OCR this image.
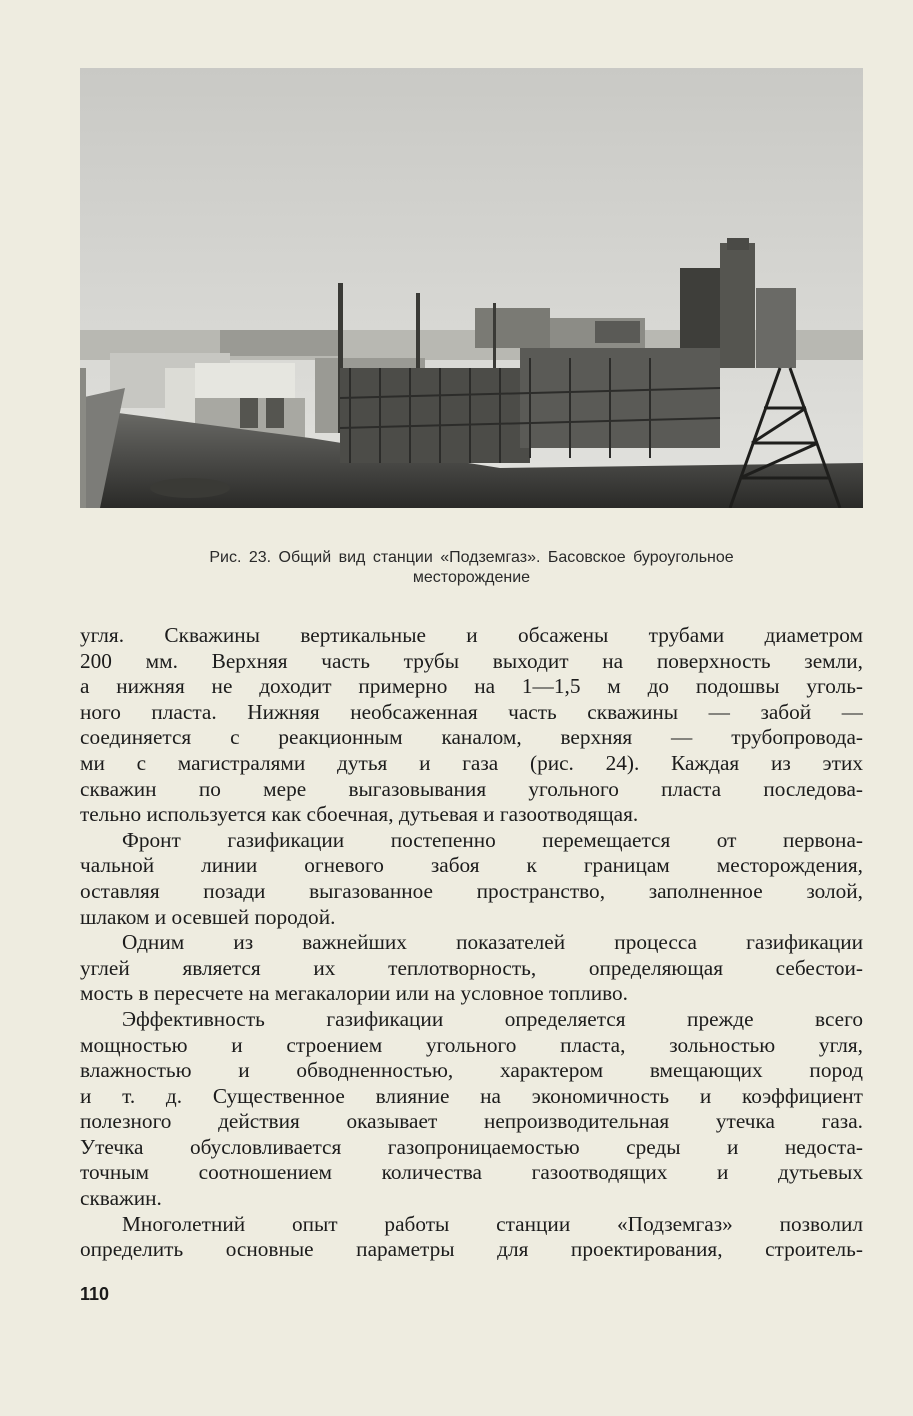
Рис. 23. Общий вид станции «Подземгаз». Басовское буроугольное
месторождение
угля. Скважины вертикальные и обсажены трубами диаметром
200 мм. Верхняя часть трубы выходит на поверхность земли,
а нижняя не доходит примерно на 1—1,5 м до подошвы уголь-
ного пласта. Нижняя необсаженная часть скважины — забой —
соединяется с реакционным каналом, верхняя — трубопровода-
ми с магистралями дутья и газа (рис. 24). Каждая из этих
скважин по мере выгазовывания угольного пласта последова-
тельно используется как сбоечная, дутьевая и газоотводящая.
Фронт газификации постепенно перемещается от первона-
чальной линии огневого забоя к границам месторождения,
оставляя позади выгазованное пространство, заполненное золой,
шлаком и осевшей породой.
Одним из важнейших показателей процесса газификации
углей является их теплотворность, определяющая себестои-
мость в пересчете на мегакалории или на условное топливо.
Эффективность газификации определяется прежде всего
мощностью и строением угольного пласта, зольностью угля,
влажностью и обводненностью, характером вмещающих пород
и т. д. Существенное влияние на экономичность и коэффициент
полезного действия оказывает непроизводительная утечка газа.
Утечка обусловливается газопроницаемостью среды и недоста-
точным соотношением количества газоотводящих и дутьевых
скважин.
Многолетний опыт работы станции «Подземгаз» позволил
определить основные параметры для проектирования, строитель-
110
